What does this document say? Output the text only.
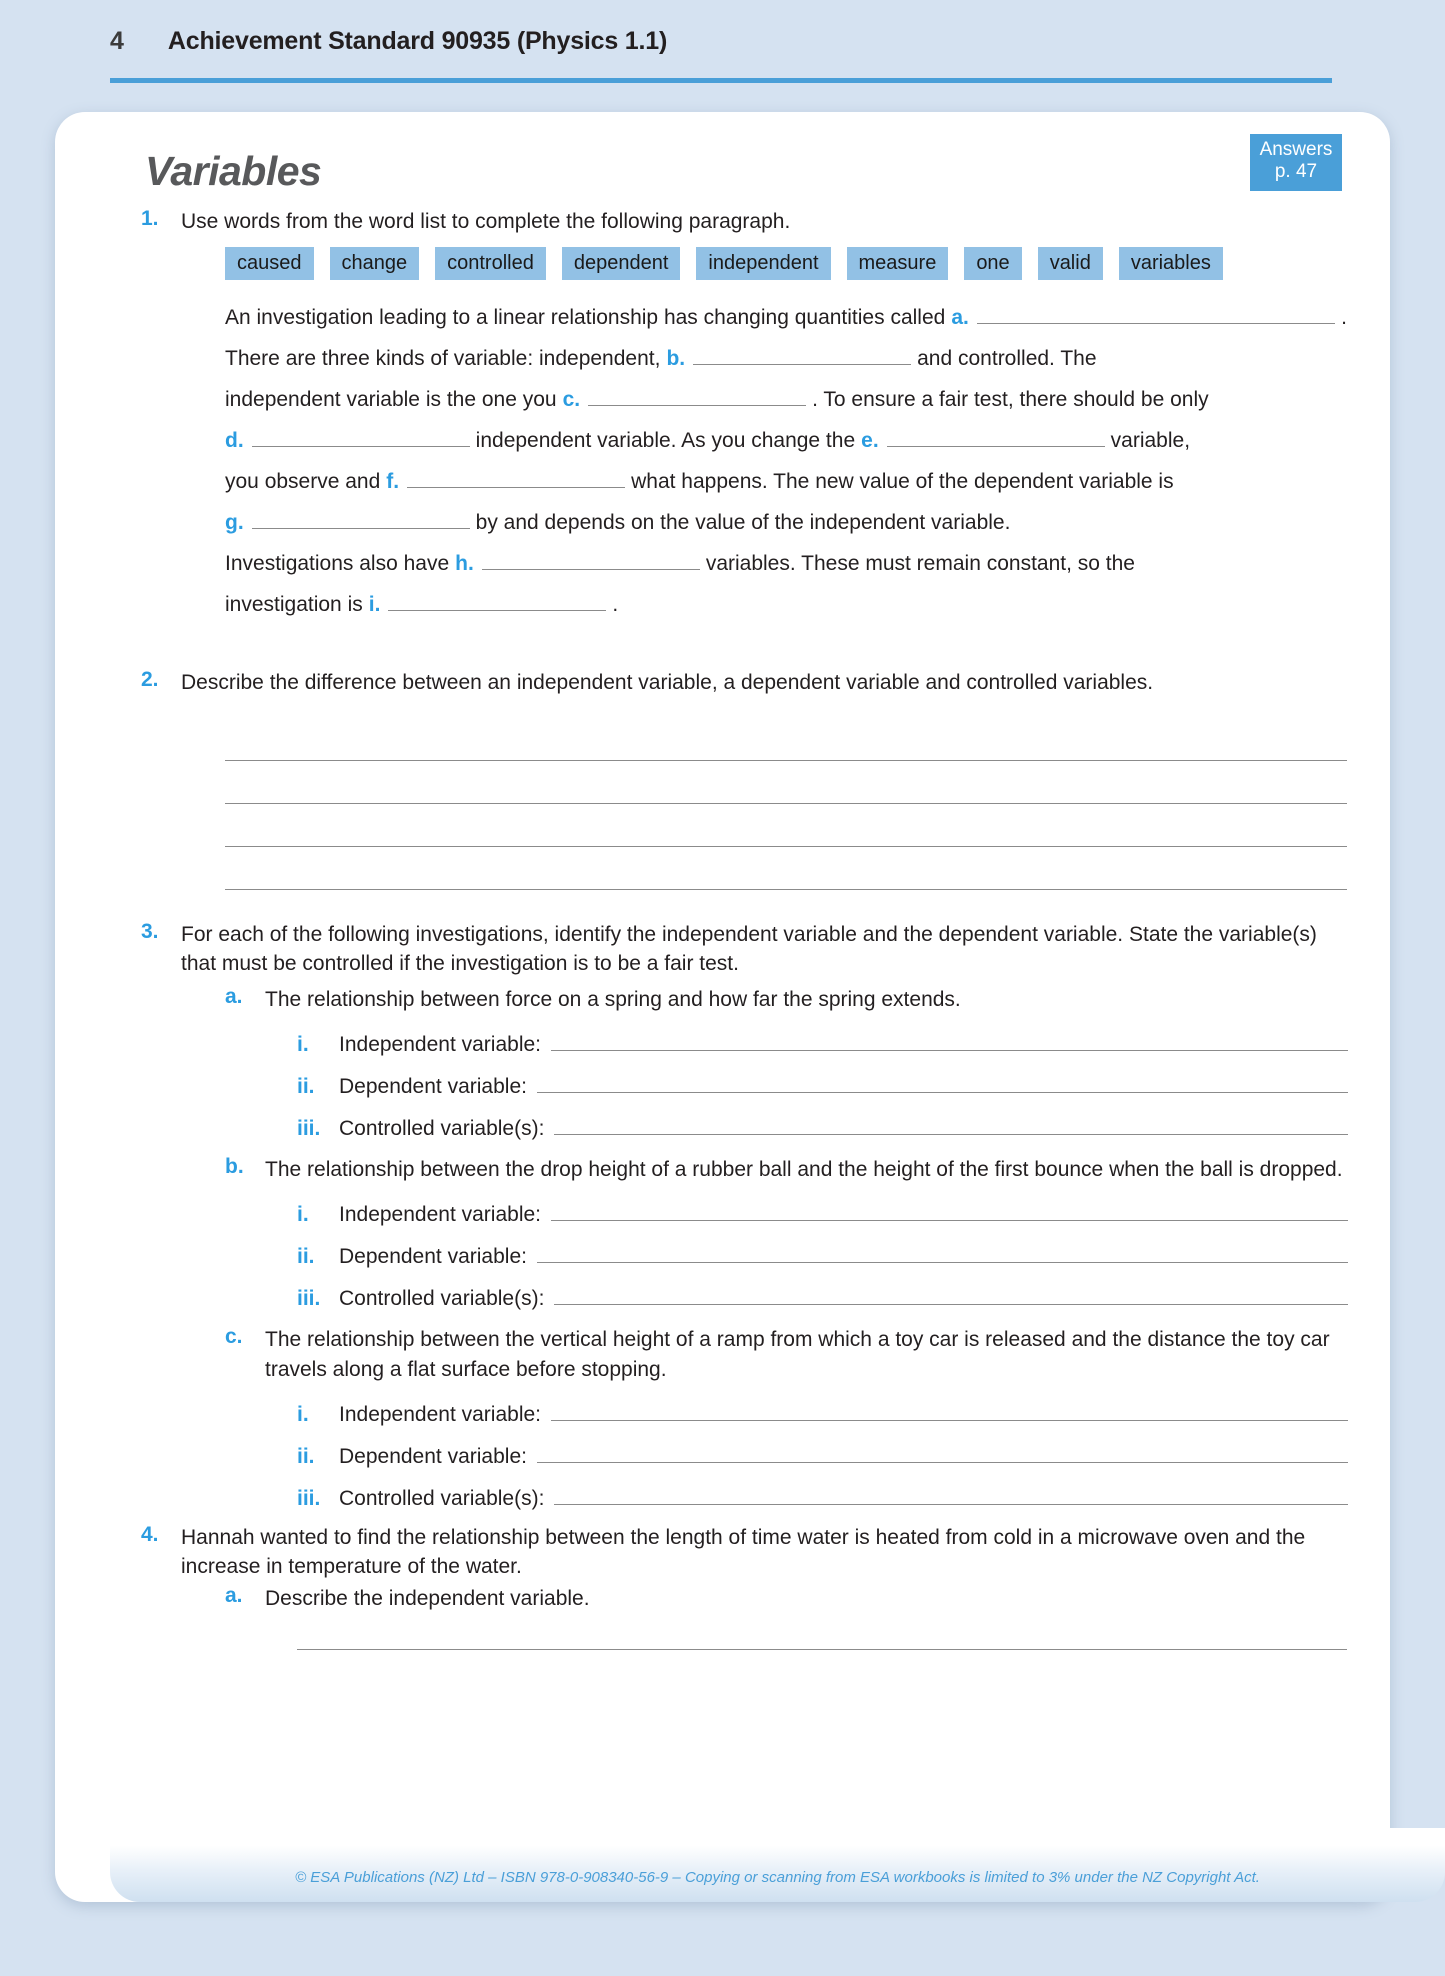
4 Achievement Standard 90935 (Physics 1.1)
Answers
p. 47
Variables
1.	Use words from the word list to complete the following paragraph.
caused	change	controlled	dependent	independent	measure	one	valid	variables
An investigation leading to a linear relationship has changing quantities called a.	.
There are three kinds of variable: independent, b.	and controlled. The
independent variable is the one you c.	. To ensure a fair test, there should be only
d.	independent variable. As you change the e.	variable,
you observe and f.	what happens. The new value of the dependent variable is
g.	by and depends on the value of the independent variable.
Investigations also have h.	variables. These must remain constant, so the
investigation is i.	.
2.	Describe the difference between an independent variable, a dependent variable and controlled variables.
3.	For each of the following investigations, identify the independent variable and the dependent variable. State the variable(s) that must be controlled if the investigation is to be a fair test.
a.	The relationship between force on a spring and how far the spring extends.
i.	Independent variable:
ii.	Dependent variable:
iii. Controlled variable(s):
b.	The relationship between the drop height of a rubber ball and the height of the first bounce when the ball is dropped.
i.	Independent variable:
ii.	Dependent variable:
iii. Controlled variable(s):
c.	The relationship between the vertical height of a ramp from which a toy car is released and the distance the toy car travels along a flat surface before stopping.
i.	Independent variable:
ii.	Dependent variable:
iii. Controlled variable(s):
4.	Hannah wanted to find the relationship between the length of time water is heated from cold in a microwave oven and the increase in temperature of the water.
a.	Describe the independent variable.
© ESA Publications (NZ) Ltd – ISBN 978-0-908340-56-9 – Copying or scanning from ESA workbooks is limited to 3% under the NZ Copyright Act.
